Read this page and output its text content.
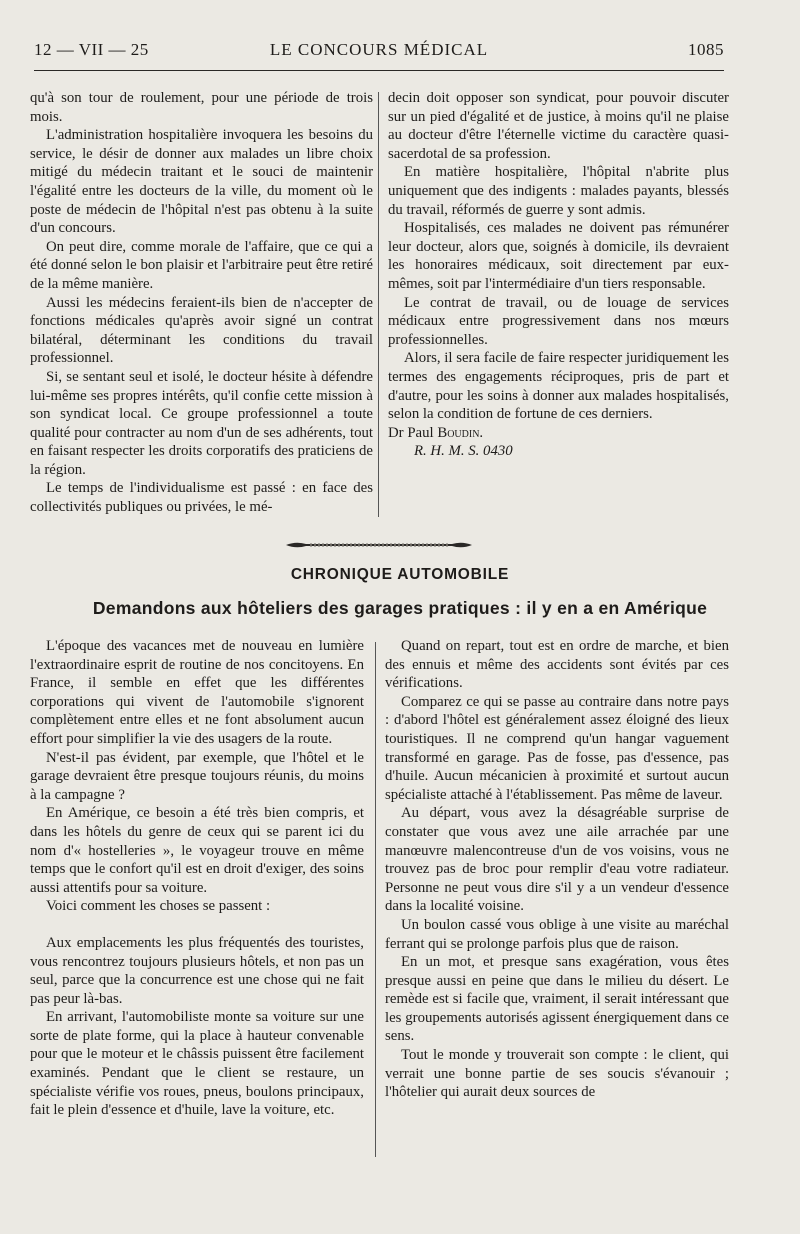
12 — VII — 25	LE CONCOURS MÉDICAL	1085

qu'à son tour de roulement, pour une période de trois mois.

L'administration hospitalière invoquera les besoins du service, le désir de donner aux malades un libre choix mitigé du médecin traitant et le souci de maintenir l'égalité entre les docteurs de la ville, du moment où le poste de médecin de l'hôpital n'est pas obtenu à la suite d'un concours.

On peut dire, comme morale de l'affaire, que ce qui a été donné selon le bon plaisir et l'arbitraire peut être retiré de la même manière.

Aussi les médecins feraient-ils bien de n'accepter de fonctions médicales qu'après avoir signé un contrat bilatéral, déterminant les conditions du travail professionnel.

Si, se sentant seul et isolé, le docteur hésite à défendre lui-même ses propres intérêts, qu'il confie cette mission à son syndicat local. Ce groupe professionnel a toute qualité pour contracter au nom d'un de ses adhérents, tout en faisant respecter les droits corporatifs des praticiens de la région.

Le temps de l'individualisme est passé : en face des collectivités publiques ou privées, le mé-

decin doit opposer son syndicat, pour pouvoir discuter sur un pied d'égalité et de justice, à moins qu'il ne plaise au docteur d'être l'éternelle victime du caractère quasi-sacerdotal de sa profession.

En matière hospitalière, l'hôpital n'abrite plus uniquement que des indigents : malades payants, blessés du travail, réformés de guerre y sont admis.

Hospitalisés, ces malades ne doivent pas rémunérer leur docteur, alors que, soignés à domicile, ils devraient les honoraires médicaux, soit directement par eux-mêmes, soit par l'intermédiaire d'un tiers responsable.

Le contrat de travail, ou de louage de services médicaux entre progressivement dans nos mœurs professionnelles.

Alors, il sera facile de faire respecter juridiquement les termes des engagements réciproques, pris de part et d'autre, pour les soins à donner aux malades hospitalisés, selon la condition de fortune de ces derniers.

Dr Paul Boudin.

R. H. M. S. 0430

CHRONIQUE AUTOMOBILE
Demandons aux hôteliers des garages pratiques : il y en a en Amérique

L'époque des vacances met de nouveau en lumière l'extraordinaire esprit de routine de nos concitoyens. En France, il semble en effet que les différentes corporations qui vivent de l'automobile s'ignorent complètement entre elles et ne font absolument aucun effort pour simplifier la vie des usagers de la route.

N'est-il pas évident, par exemple, que l'hôtel et le garage devraient être presque toujours réunis, du moins à la campagne ?

En Amérique, ce besoin a été très bien compris, et dans les hôtels du genre de ceux qui se parent ici du nom d'« hostelleries », le voyageur trouve en même temps que le confort qu'il est en droit d'exiger, des soins aussi attentifs pour sa voiture.

Voici comment les choses se passent :

Aux emplacements les plus fréquentés des touristes, vous rencontrez toujours plusieurs hôtels, et non pas un seul, parce que la concurrence est une chose qui ne fait pas peur là-bas.

En arrivant, l'automobiliste monte sa voiture sur une sorte de plate forme, qui la place à hauteur convenable pour que le moteur et le châssis puissent être facilement examinés. Pendant que le client se restaure, un spécialiste vérifie vos roues, pneus, boulons principaux, fait le plein d'essence et d'huile, lave la voiture, etc.

Quand on repart, tout est en ordre de marche, et bien des ennuis et même des accidents sont évités par ces vérifications.

Comparez ce qui se passe au contraire dans notre pays : d'abord l'hôtel est généralement assez éloigné des lieux touristiques. Il ne comprend qu'un hangar vaguement transformé en garage. Pas de fosse, pas d'essence, pas d'huile. Aucun mécanicien à proximité et surtout aucun spécialiste attaché à l'établissement. Pas même de laveur.

Au départ, vous avez la désagréable surprise de constater que vous avez une aile arrachée par une manœuvre malencontreuse d'un de vos voisins, vous ne trouvez pas de broc pour remplir d'eau votre radiateur. Personne ne peut vous dire s'il y a un vendeur d'essence dans la localité voisine.

Un boulon cassé vous oblige à une visite au maréchal ferrant qui se prolonge parfois plus que de raison.

En un mot, et presque sans exagération, vous êtes presque aussi en peine que dans le milieu du désert. Le remède est si facile que, vraiment, il serait intéressant que les groupements autorisés agissent énergiquement dans ce sens.

Tout le monde y trouverait son compte : le client, qui verrait une bonne partie de ses soucis s'évanouir ; l'hôtelier qui aurait deux sources de
